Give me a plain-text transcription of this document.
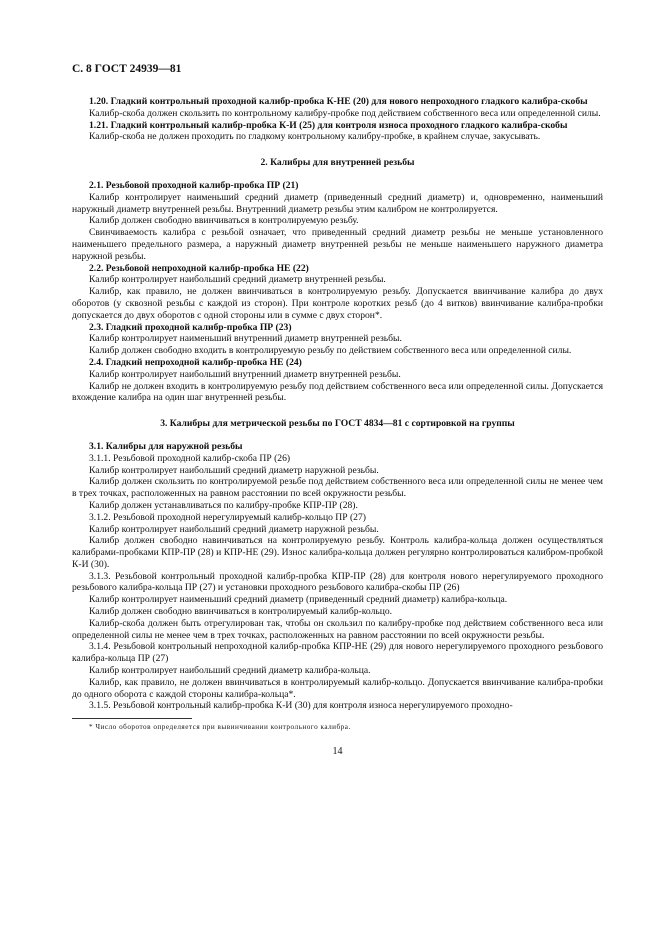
С. 8 ГОСТ 24939—81

1.20. Гладкий контрольный проходной калибр-пробка К-НЕ (20) для нового непроходного гладкого калибра-скобы

Калибр-скоба должен скользить по контрольному калибру-пробке под действием собственного веса или определенной силы.

1.21. Гладкий контрольный калибр-пробка К-И (25) для контроля износа проходного гладкого калибра-скобы

Калибр-скоба не должен проходить по гладкому контрольному калибру-пробке, в крайнем случае, закусывать.

2. Калибры для внутренней резьбы

2.1. Резьбовой проходной калибр-пробка ПР (21)

Калибр контролирует наименьший средний диаметр (приведенный средний диаметр) и, одновременно, наименьший наружный диаметр внутренней резьбы. Внутренний диаметр резьбы этим калибром не контролируется.

Калибр должен свободно ввинчиваться в контролируемую резьбу.

Свинчиваемость калибра с резьбой означает, что приведенный средний диаметр резьбы не меньше установленного наименьшего предельного размера, а наружный диаметр внутренней резьбы не меньше наименьшего наружного диаметра наружной резьбы.

2.2. Резьбовой непроходной калибр-пробка НЕ (22)

Калибр контролирует наибольший средний диаметр внутренней резьбы.

Калибр, как правило, не должен ввинчиваться в контролируемую резьбу. Допускается ввинчивание калибра до двух оборотов (у сквозной резьбы с каждой из сторон). При контроле коротких резьб (до 4 витков) ввинчивание калибра-пробки допускается до двух оборотов с одной стороны или в сумме с двух сторон*.

2.3. Гладкий проходной калибр-пробка ПР (23)

Калибр контролирует наименьший внутренний диаметр внутренней резьбы.

Калибр должен свободно входить в контролируемую резьбу по действием собственного веса или определенной силы.

2.4. Гладкий непроходной калибр-пробка НЕ (24)

Калибр контролирует наибольший внутренний диаметр внутренней резьбы.

Калибр не должен входить в контролируемую резьбу под действием собственного веса или определенной силы. Допускается вхождение калибра на один шаг внутренней резьбы.

3. Калибры для метрической резьбы по ГОСТ 4834—81 с сортировкой на группы

3.1. Калибры для наружной резьбы

3.1.1. Резьбовой проходной калибр-скоба ПР (26)

Калибр контролирует наибольший средний диаметр наружной резьбы.

Калибр должен скользить по контролируемой резьбе под действием собственного веса или определенной силы не менее чем в трех точках, расположенных на равном расстоянии по всей окружности резьбы.

Калибр должен устанавливаться по калибру-пробке КПР-ПР (28).

3.1.2. Резьбовой проходной нерегулируемый калибр-кольцо ПР (27)

Калибр контролирует наибольший средний диаметр наружной резьбы.

Калибр должен свободно навинчиваться на контролируемую резьбу. Контроль калибра-кольца должен осуществляться калибрами-пробками КПР-ПР (28) и КПР-НЕ (29). Износ калибра-кольца должен регулярно контролироваться калибром-пробкой К-И (30).

3.1.3. Резьбовой контрольный проходной калибр-пробка КПР-ПР (28) для контроля нового нерегулируемого проходного резьбового калибра-кольца ПР (27) и установки проходного резьбового калибра-скобы ПР (26)

Калибр контролирует наименьший средний диаметр (приведенный средний диаметр) калибра-кольца.

Калибр должен свободно ввинчиваться в контролируемый калибр-кольцо.

Калибр-скоба должен быть отрегулирован так, чтобы он скользил по калибру-пробке под действием собственного веса или определенной силы не менее чем в трех точках, расположенных на равном расстоянии по всей окружности резьбы.

3.1.4. Резьбовой контрольный непроходной калибр-пробка КПР-НЕ (29) для нового нерегулируемого проходного резьбового калибра-кольца ПР (27)

Калибр контролирует наибольший средний диаметр калибра-кольца.

Калибр, как правило, не должен ввинчиваться в контролируемый калибр-кольцо. Допускается ввинчивание калибра-пробки до одного оборота с каждой стороны калибра-кольца*.

3.1.5. Резьбовой контрольный калибр-пробка К-И (30) для контроля износа нерегулируемого проходно-

* Число оборотов определяется при вывинчивании контрольного калибра.

14
